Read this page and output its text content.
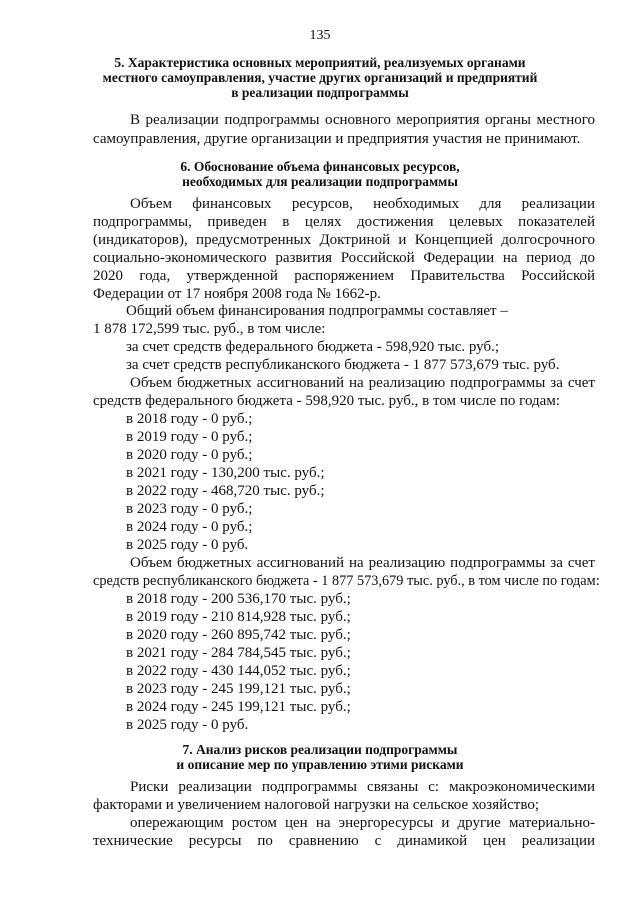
135
5. Характеристика основных мероприятий, реализуемых органами
местного самоуправления, участие других организаций и предприятий
в реализации подпрограммы
В реализации подпрограммы основного мероприятия органы местного
самоуправления, другие организации и предприятия участия не принимают.
6. Обоснование объема финансовых ресурсов,
необходимых для реализации подпрограммы
Объем финансовых ресурсов, необходимых для реализации
подпрограммы, приведен в целях достижения целевых показателей
(индикаторов), предусмотренных Доктриной и Концепцией долгосрочного
социально-экономического развития Российской Федерации на период до
2020 года, утвержденной распоряжением Правительства Российской
Федерации от 17 ноября 2008 года № 1662-р.
Общий объем финансирования подпрограммы составляет –
1 878 172,599 тыс. руб., в том числе:
за счет средств федерального бюджета - 598,920 тыс. руб.;
за счет средств республиканского бюджета - 1 877 573,679 тыс. руб.
Объем бюджетных ассигнований на реализацию подпрограммы за счет
средств федерального бюджета - 598,920 тыс. руб., в том числе по годам:
в 2018 году - 0 руб.;
в 2019 году - 0 руб.;
в 2020 году - 0 руб.;
в 2021 году - 130,200 тыс. руб.;
в 2022 году - 468,720 тыс. руб.;
в 2023 году - 0 руб.;
в 2024 году - 0 руб.;
в 2025 году - 0 руб.
Объем бюджетных ассигнований на реализацию подпрограммы за счет
средств республиканского бюджета - 1 877 573,679 тыс. руб., в том числе по годам:
в 2018 году - 200 536,170 тыс. руб.;
в 2019 году - 210 814,928 тыс. руб.;
в 2020 году - 260 895,742 тыс. руб.;
в 2021 году - 284 784,545 тыс. руб.;
в 2022 году - 430 144,052 тыс. руб.;
в 2023 году - 245 199,121 тыс. руб.;
в 2024 году - 245 199,121 тыс. руб.;
в 2025 году - 0 руб.
7. Анализ рисков реализации подпрограммы
и описание мер по управлению этими рисками
Риски реализации подпрограммы связаны с: макроэкономическими
факторами и увеличением налоговой нагрузки на сельское хозяйство;
опережающим ростом цен на энергоресурсы и другие материально-
технические ресурсы по сравнению с динамикой цен реализации
